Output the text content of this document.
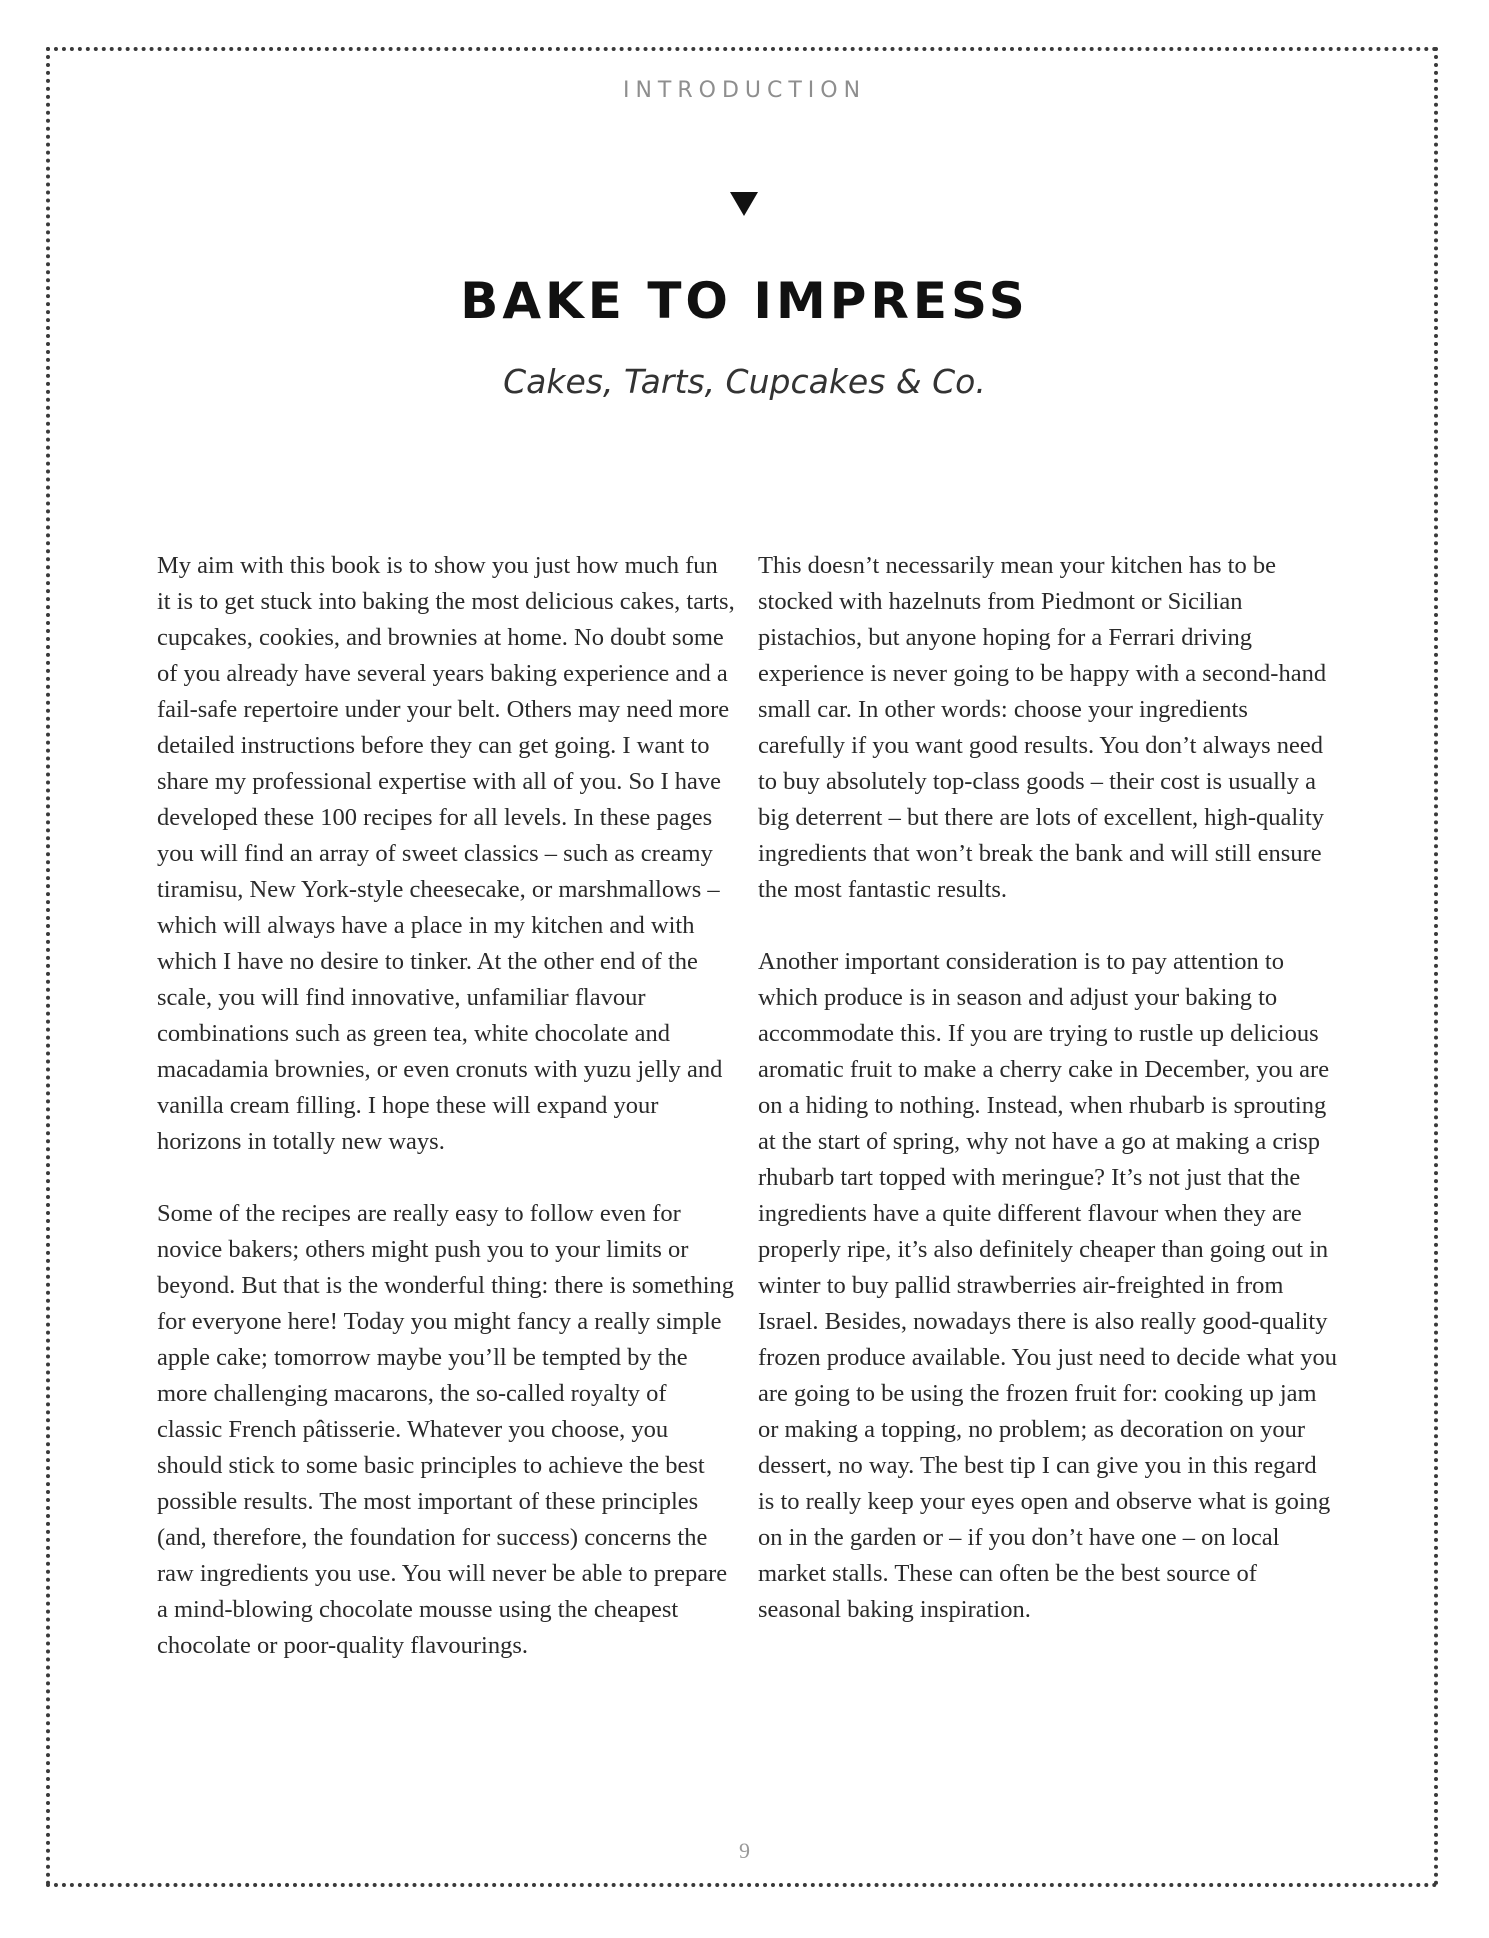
INTRODUCTION
BAKE TO IMPRESS
Cakes, Tarts, Cupcakes & Co.

My aim with this book is to show you just how much fun it is to get stuck into baking the most delicious cakes, tarts, cupcakes, cookies, and brownies at home. No doubt some of you already have several years baking experience and a fail-safe repertoire under your belt. Others may need more detailed instructions before they can get going. I want to share my professional expertise with all of you. So I have developed these 100 recipes for all levels. In these pages you will find an array of sweet classics – such as creamy tiramisu, New York-style cheesecake, or marshmallows – which will always have a place in my kitchen and with which I have no desire to tinker. At the other end of the scale, you will find innovative, unfamiliar flavour combinations such as green tea, white chocolate and macadamia brownies, or even cronuts with yuzu jelly and vanilla cream filling. I hope these will expand your horizons in totally new ways.

Some of the recipes are really easy to follow even for novice bakers; others might push you to your limits or beyond. But that is the wonderful thing: there is something for everyone here! Today you might fancy a really simple apple cake; tomorrow maybe you’ll be tempted by the more challenging macarons, the so-called royalty of classic French pâtisserie. Whatever you choose, you should stick to some basic principles to achieve the best possible results. The most important of these principles (and, therefore, the foundation for success) concerns the raw ingredients you use. You will never be able to prepare a mind-blowing chocolate mousse using the cheapest chocolate or poor-quality flavourings.

This doesn’t necessarily mean your kitchen has to be stocked with hazelnuts from Piedmont or Sicilian pistachios, but anyone hoping for a Ferrari driving experience is never going to be happy with a second-hand small car. In other words: choose your ingredients carefully if you want good results. You don’t always need to buy absolutely top-class goods – their cost is usually a big deterrent – but there are lots of excellent, high-quality ingredients that won’t break the bank and will still ensure the most fantastic results.

Another important consideration is to pay attention to which produce is in season and adjust your baking to accommodate this. If you are trying to rustle up delicious aromatic fruit to make a cherry cake in December, you are on a hiding to nothing. Instead, when rhubarb is sprouting at the start of spring, why not have a go at making a crisp rhubarb tart topped with meringue? It’s not just that the ingredients have a quite different flavour when they are properly ripe, it’s also definitely cheaper than going out in winter to buy pallid strawberries air-freighted in from Israel. Besides, nowadays there is also really good-quality frozen produce available. You just need to decide what you are going to be using the frozen fruit for: cooking up jam or making a topping, no problem; as decoration on your dessert, no way. The best tip I can give you in this regard is to really keep your eyes open and observe what is going on in the garden or – if you don’t have one – on local market stalls. These can often be the best source of seasonal baking inspiration.

9
